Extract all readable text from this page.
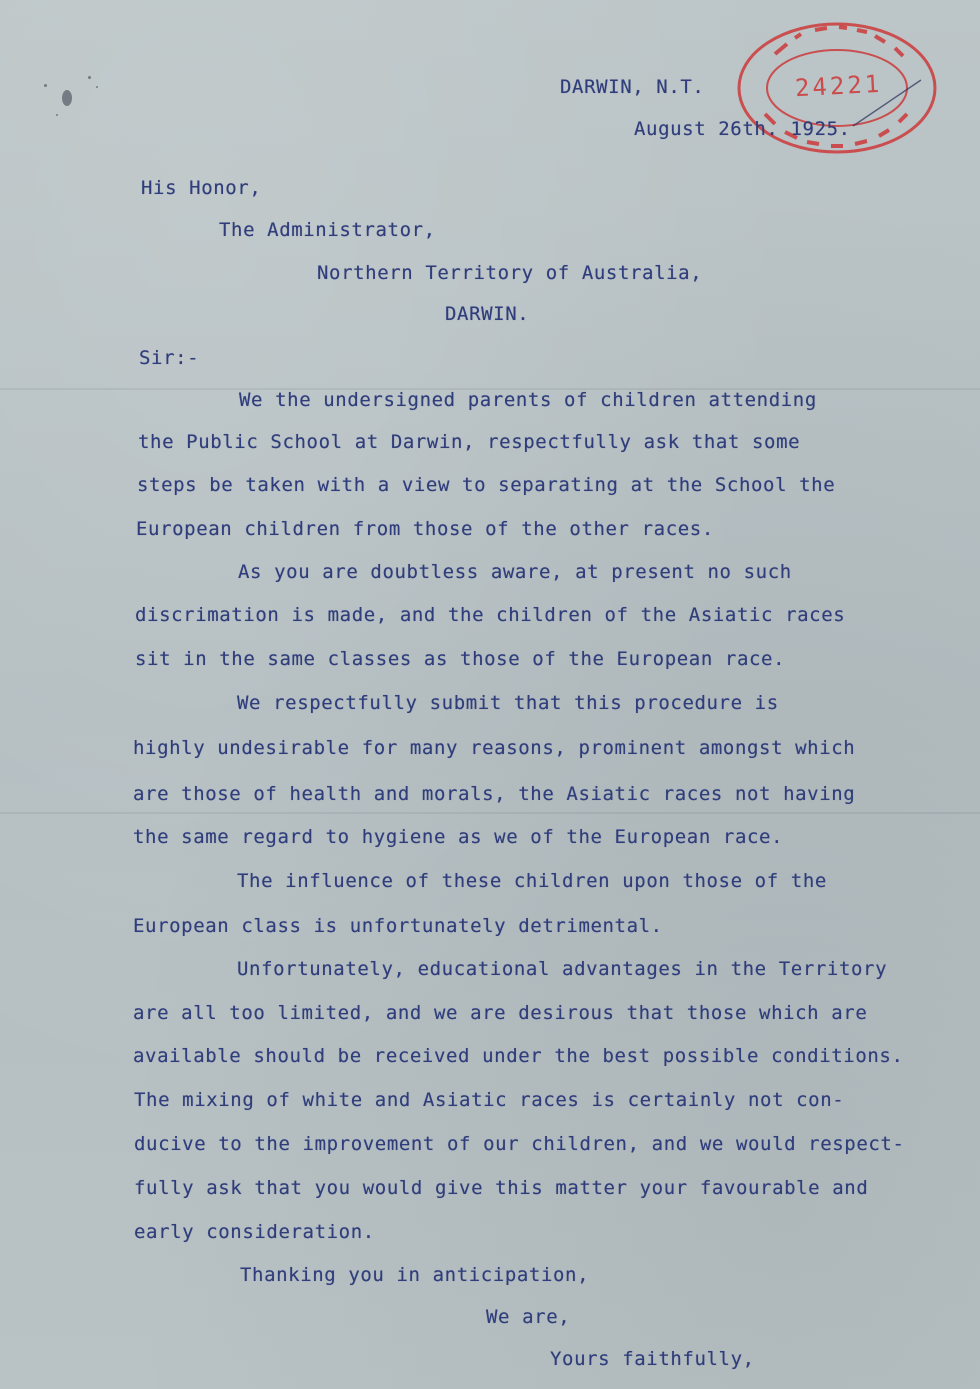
24221
DARWIN, N.T.
August 26th. 1925.
His Honor,
The Administrator,
Northern Territory of Australia,
DARWIN.
Sir:-
We the undersigned parents of children attending
the Public School at Darwin, respectfully ask that some
steps be taken with a view to separating at the School the
European children from those of the other races.
As you are doubtless aware, at present no such
discrimation is made, and the children of the Asiatic races
sit in the same classes as those of the European race.
We respectfully submit that this procedure is
highly undesirable for many reasons, prominent amongst which
are those of health and morals, the Asiatic races not having
the same regard to hygiene as we of the European race.
The influence of these children upon those of the
European class is unfortunately detrimental.
Unfortunately, educational advantages in the Territory
are all too limited, and we are desirous that those which are
available should be received under the best possible conditions.
The mixing of white and Asiatic races is certainly not con-
ducive to the improvement of our children, and we would respect-
fully ask that you would give this matter your favourable and
early consideration.
Thanking you in anticipation,
We are,
Yours faithfully,
